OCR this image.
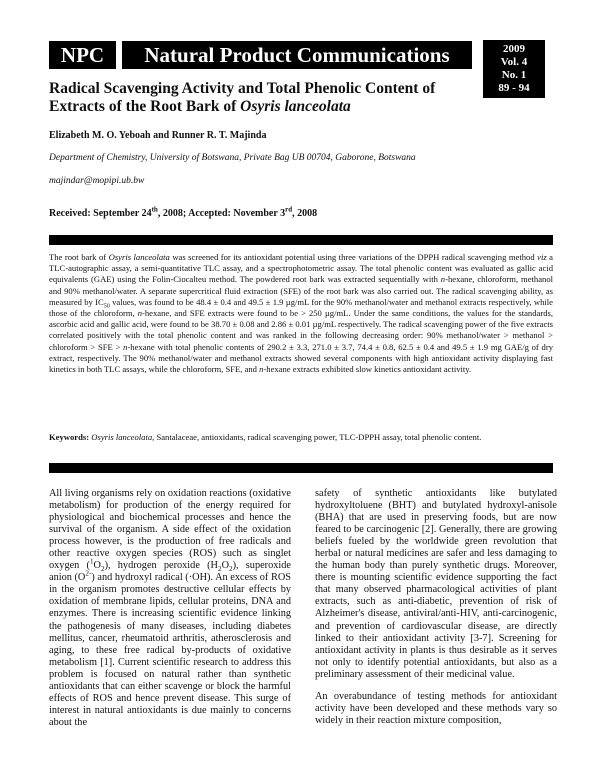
NPC	Natural Product Communications	2009
Vol. 4
No. 1
89 - 94
Radical Scavenging Activity and Total Phenolic Content of Extracts of the Root Bark of Osyris lanceolata
Elizabeth M. O. Yeboah and Runner R. T. Majinda
Department of Chemistry, University of Botswana, Private Bag UB 00704, Gaborone, Botswana
majindar@mopipi.ub.bw
Received: September 24th, 2008; Accepted: November 3rd, 2008
The root bark of Osyris lanceolata was screened for its antioxidant potential using three variations of the DPPH radical scavenging method viz a TLC-autographic assay, a semi-quantitative TLC assay, and a spectrophotometric assay. The total phenolic content was evaluated as gallic acid equivalents (GAE) using the Folin-Ciocalteu method. The powdered root bark was extracted sequentially with n-hexane, chloroform, methanol and 90% methanol/water. A separate supercritical fluid extraction (SFE) of the root bark was also carried out. The radical scavenging ability, as measured by $IC_{50}$ values, was found to be 48.4 ± 0.4 and 49.5 ± 1.9 µg/mL for the 90% methanol/water and methanol extracts respectively, while those of the chloroform, n-hexane, and SFE extracts were found to be > 250 µg/mL. Under the same conditions, the values for the standards, ascorbic acid and gallic acid, were found to be 38.70 ± 0.08 and 2.86 ± 0.01 µg/mL respectively. The radical scavenging power of the five extracts correlated positively with the total phenolic content and was ranked in the following decreasing order: 90% methanol/water > methanol > chloroform > SFE > n-hexane with total phenolic contents of 290.2 ± 3.3, 271.0 ± 3.7, 74.4 ± 0.8, 62.5 ± 0.4 and 49.5 ± 1.9 mg GAE/g of dry extract, respectively. The 90% methanol/water and methanol extracts showed several components with high antioxidant activity displaying fast kinetics in both TLC assays, while the chloroform, SFE, and n-hexane extracts exhibited slow kinetics antioxidant activity.
Keywords: Osyris lanceolata, Santalaceae, antioxidants, radical scavenging power, TLC-DPPH assay, total phenolic content.

All living organisms rely on oxidation reactions (oxidative metabolism) for production of the energy required for physiological and biochemical processes and hence the survival of the organism. A side effect of the oxidation process however, is the production of free radicals and other reactive oxygen species (ROS) such as singlet oxygen $(^1O_2)$, hydrogen peroxide $(H_2O_2)$, superoxide anion $(O^{2-})$ and hydroxyl radical (·OH). An excess of ROS in the organism promotes destructive cellular effects by oxidation of membrane lipids, cellular proteins, DNA and enzymes. There is increasing scientific evidence linking the pathogenesis of many diseases, including diabetes mellitus, cancer, rheumatoid arthritis, atherosclerosis and aging, to these free radical by-products of oxidative metabolism [1]. Current scientific research to address this problem is focused on natural rather than synthetic antioxidants that can either scavenge or block the harmful effects of ROS and hence prevent disease. This surge of interest in natural antioxidants is due mainly to concerns about the

safety of synthetic antioxidants like butylated hydroxyltoluene (BHT) and butylated hydroxyl-anisole (BHA) that are used in preserving foods, but are now feared to be carcinogenic [2]. Generally, there are growing beliefs fueled by the worldwide green revolution that herbal or natural medicines are safer and less damaging to the human body than purely synthetic drugs. Moreover, there is mounting scientific evidence supporting the fact that many observed pharmacological activities of plant extracts, such as anti-diabetic, prevention of risk of Alzheimer's disease, antiviral/anti-HIV, anti-carcinogenic, and prevention of cardiovascular disease, are directly linked to their antioxidant activity [3-7]. Screening for antioxidant activity in plants is thus desirable as it serves not only to identify potential antioxidants, but also as a preliminary assessment of their medicinal value.

An overabundance of testing methods for antioxidant activity have been developed and these methods vary so widely in their reaction mixture composition,
